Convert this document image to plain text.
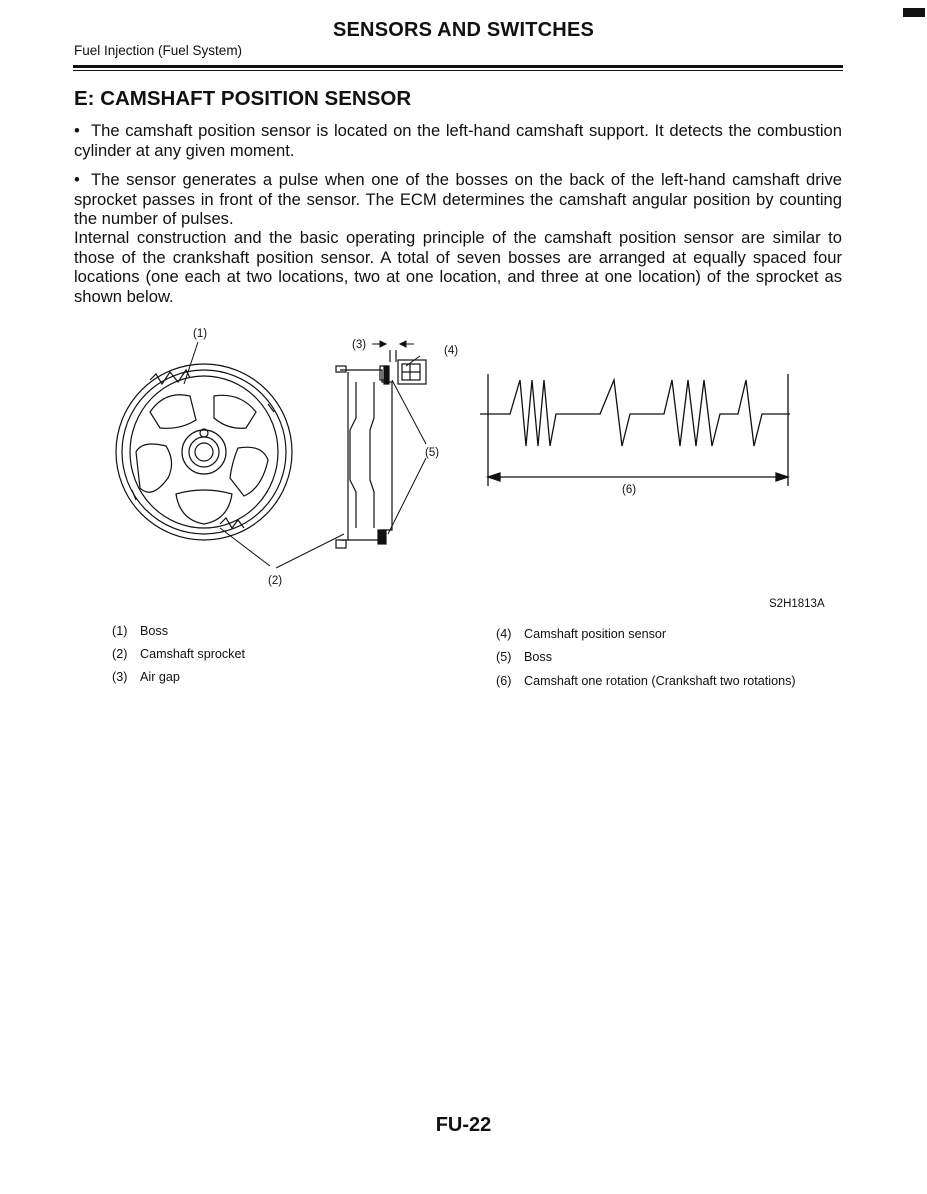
SENSORS AND SWITCHES
Fuel Injection (Fuel System)
E: CAMSHAFT POSITION SENSOR

• The camshaft position sensor is located on the left-hand camshaft support. It detects the combustion cylinder at any given moment.

• The sensor generates a pulse when one of the bosses on the back of the left-hand camshaft drive sprocket passes in front of the sensor. The ECM determines the camshaft angular position by counting the number of pulses.

Internal construction and the basic operating principle of the camshaft position sensor are similar to those of the crankshaft position sensor. A total of seven bosses are arranged at equally spaced four locations (one each at two locations, two at one location, and three at one location) of the sprocket as shown below.

(1)
(2)
(3)	(4)
(5)
(6)
S2H1813A
(1) Boss
(2) Camshaft sprocket
(3) Air gap
(4) Camshaft position sensor
(5) Boss
(6) Camshaft one rotation (Crankshaft two rotations)
FU-22
